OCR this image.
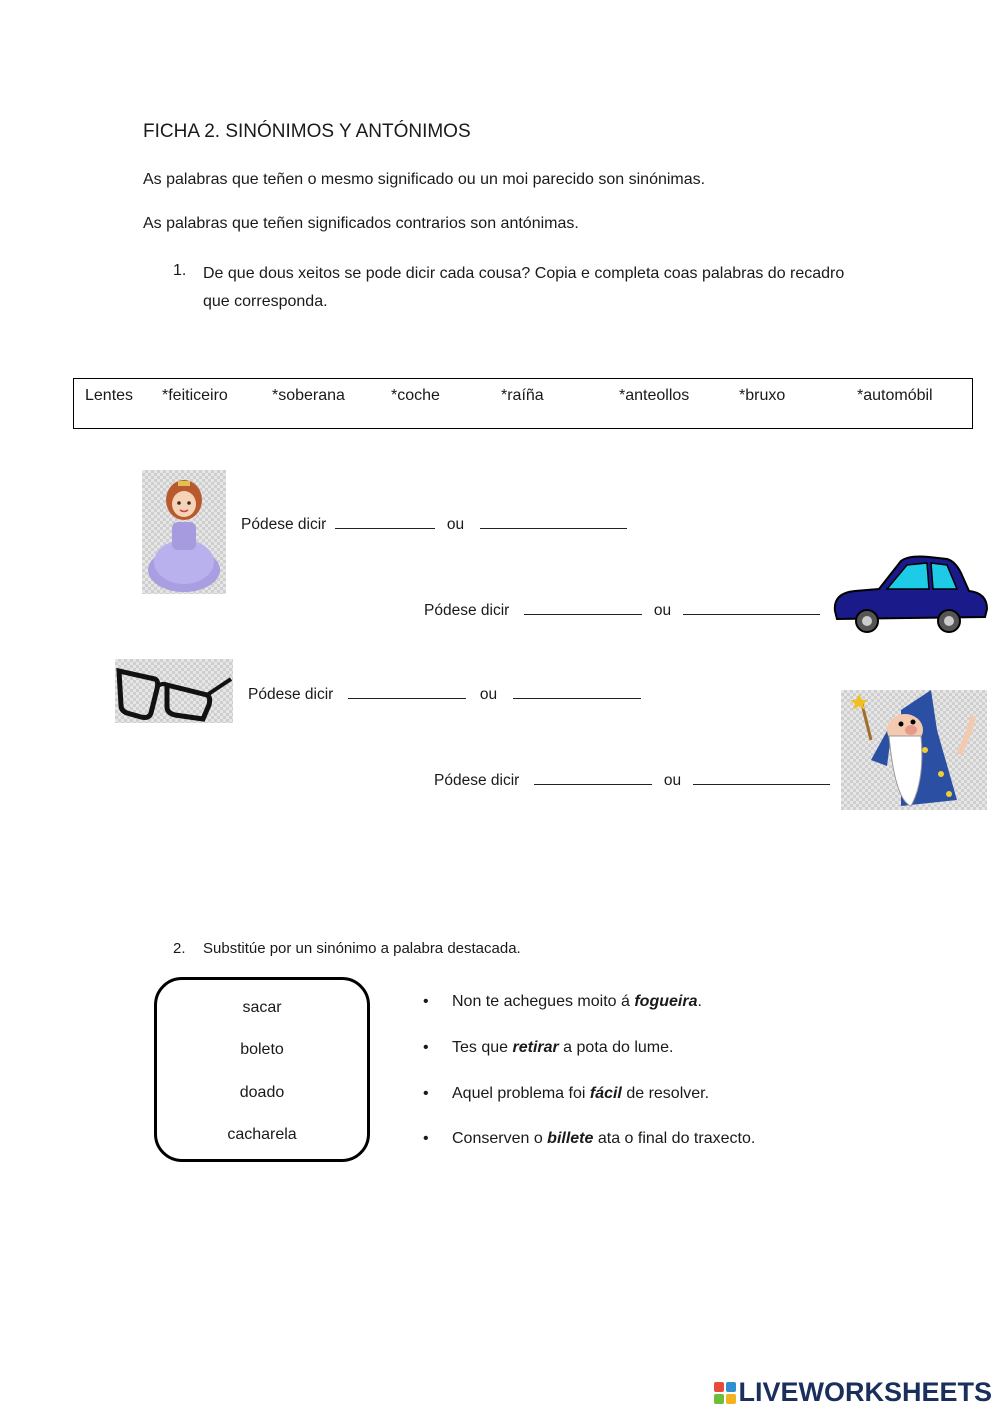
FICHA 2. SINÓNIMOS Y ANTÓNIMOS
As palabras que teñen o mesmo significado ou un moi parecido son sinónimas.
As palabras que teñen significados contrarios son antónimas.
1. De que dous xeitos se pode dicir cada cousa? Copia e completa coas palabras do recadro que corresponda.
Lentes *feiticeiro	*soberana	*coche	*raíña	*anteollos	*bruxo	*automóbil
Pódese dicir	ou
Pódese dicir	ou
Pódese dicir	ou
Pódese dicir	ou
2. Substitúe por un sinónimo a palabra destacada.
sacar
boleto
doado
cacharela
• Non te achegues moito á fogueira.
• Tes que retirar a pota do lume.
• Aquel problema foi fácil de resolver.
• Conserven o billete ata o final do traxecto.
LIVEWORKSHEETS
